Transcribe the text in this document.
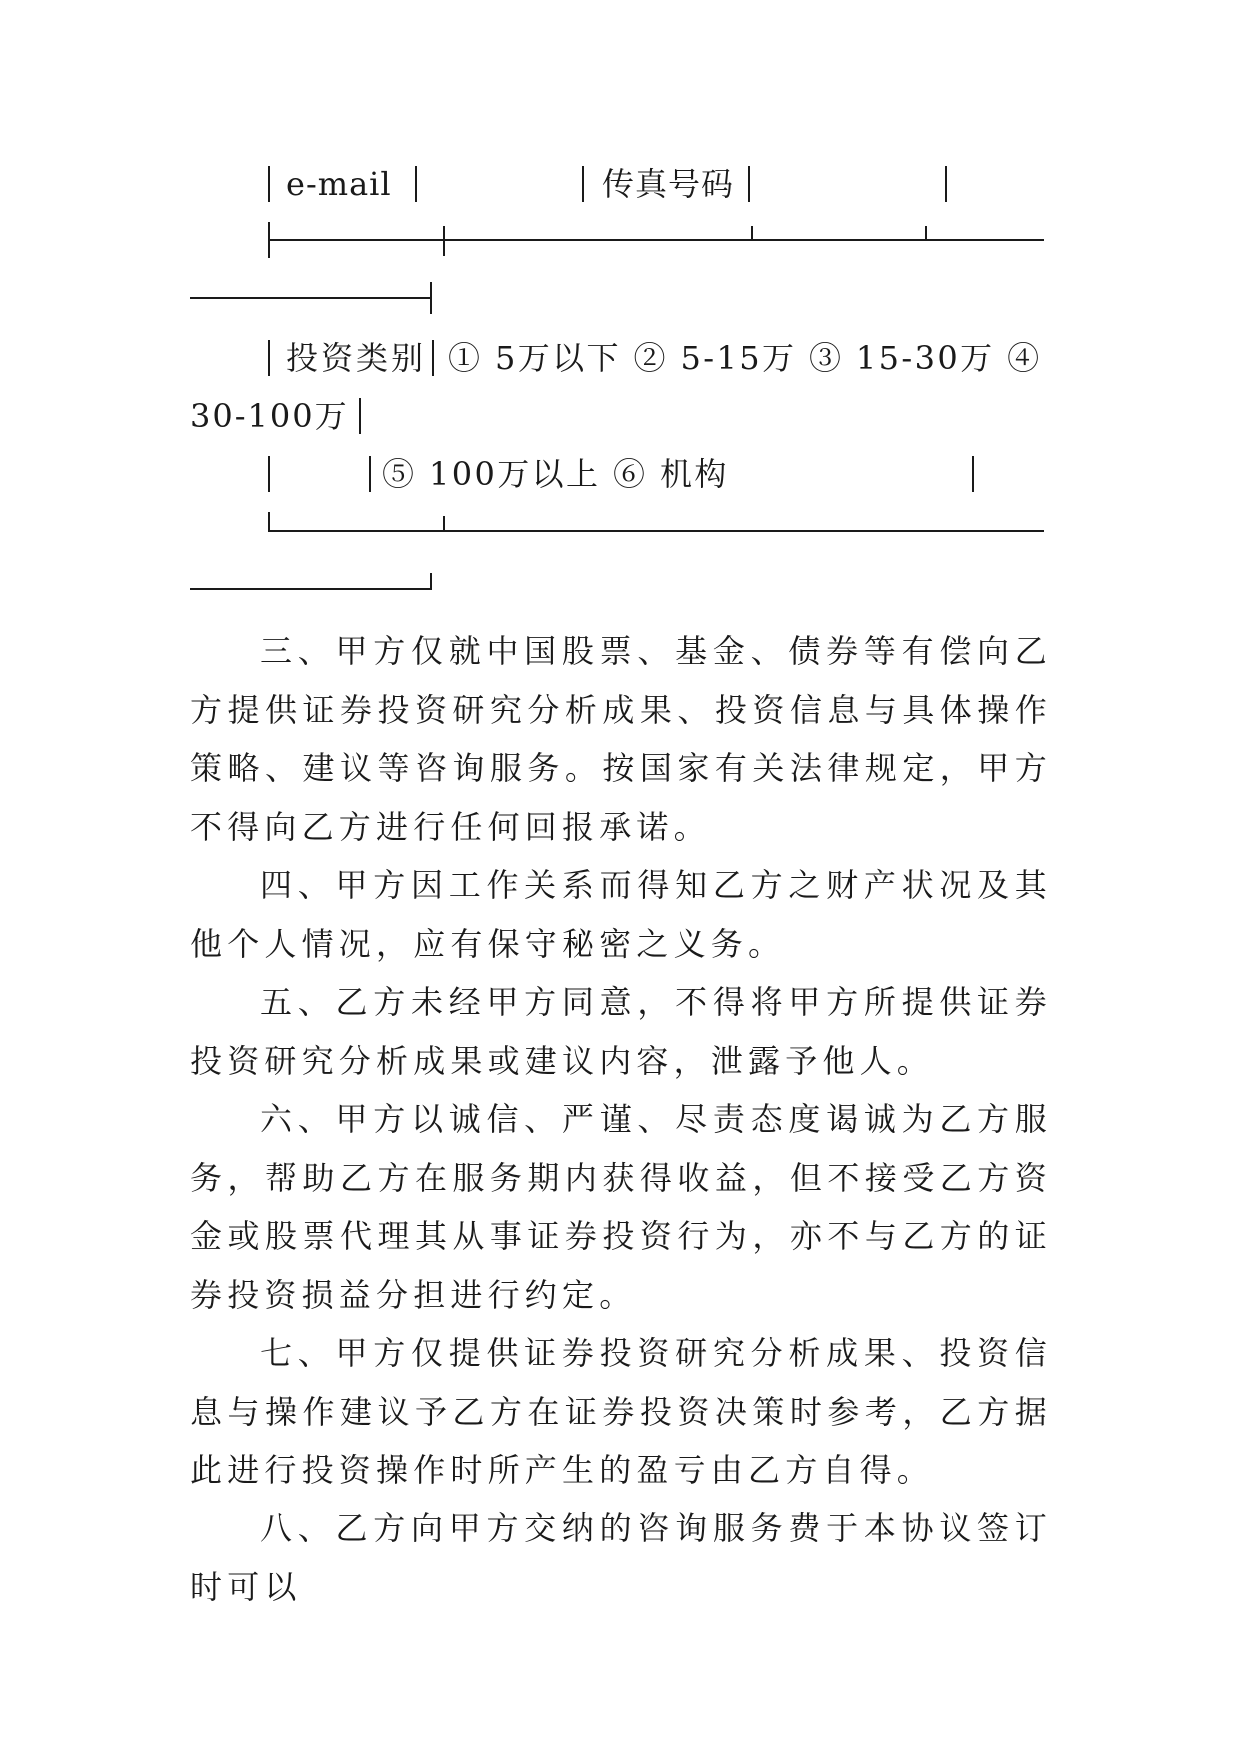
e-mail	传真号码
投资类别 ① 5万以下 ② 5-15万 ③ 15-30万 ④
30-100万
⑤ 100万以上 ⑥ 机构

三、甲方仅就中国股票、基金、债券等有偿向乙方提供证券投资研究分析成果、投资信息与具体操作策略、建议等咨询服务。按国家有关法律规定，甲方不得向乙方进行任何回报承诺。

四、甲方因工作关系而得知乙方之财产状况及其他个人情况，应有保守秘密之义务。

五、乙方未经甲方同意，不得将甲方所提供证券投资研究分析成果或建议内容，泄露予他人。

六、甲方以诚信、严谨、尽责态度谒诚为乙方服务，帮助乙方在服务期内获得收益，但不接受乙方资金或股票代理其从事证券投资行为，亦不与乙方的证券投资损益分担进行约定。

七、甲方仅提供证券投资研究分析成果、投资信息与操作建议予乙方在证券投资决策时参考，乙方据此进行投资操作时所产生的盈亏由乙方自得。

八、乙方向甲方交纳的咨询服务费于本协议签订时可以
